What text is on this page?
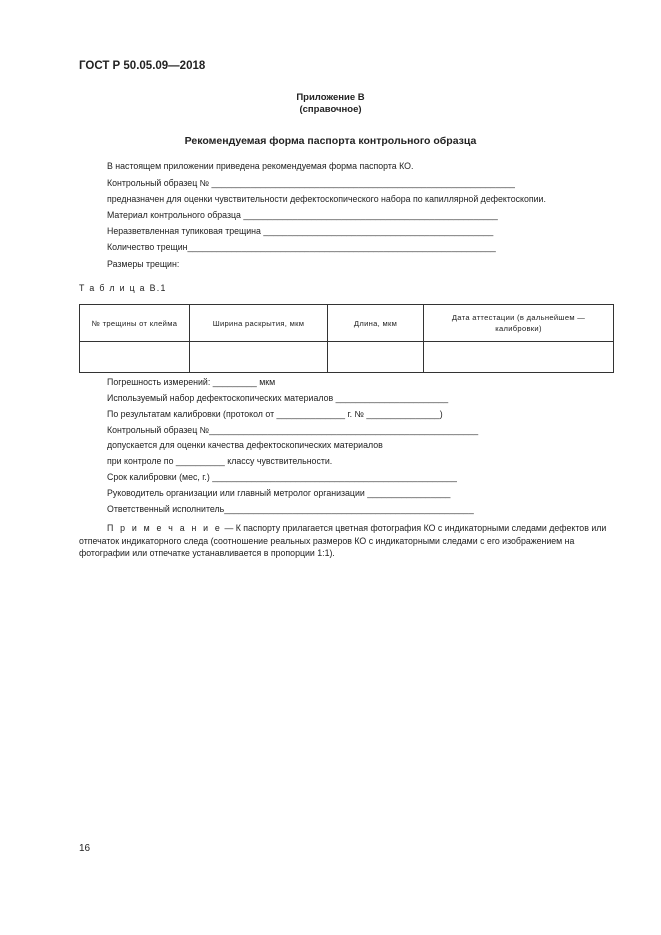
ГОСТ Р 50.05.09—2018
Приложение В
(справочное)
Рекомендуемая форма паспорта контрольного образца
В настоящем приложении приведена рекомендуемая форма паспорта КО.
Контрольный образец № ______________________________________________________________
предназначен для оценки чувствительности дефектоскопического набора по капиллярной дефектоскопии.
Материал контрольного образца ____________________________________________________
Неразветвленная тупиковая трещина _______________________________________________
Количество трещин_______________________________________________________________
Размеры трещин:
Т а б л и ц а В.1
№ трещины от клейма	Ширина раскрытия, мкм	Длина, мкм	Дата аттестации (в дальнейшем — калибровки)

Погрешность измерений: _________ мкм
Используемый набор дефектоскопических материалов _______________________
По результатам калибровки (протокол от ______________ г. № _______________)
Контрольный образец №_______________________________________________________
допускается для оценки качества дефектоскопических материалов
при контроле по __________ классу чувствительности.
Срок калибровки (мес, г.) __________________________________________________
Руководитель организации или главный метролог организации _________________
Ответственный исполнитель___________________________________________________
П р и м е ч а н и е — К паспорту прилагается цветная фотография КО с индикаторными следами дефектов или отпечаток индикаторного следа (соотношение реальных размеров КО с индикаторными следами с его изображением на фотографии или отпечатке устанавливается в пропорции 1:1).
16
